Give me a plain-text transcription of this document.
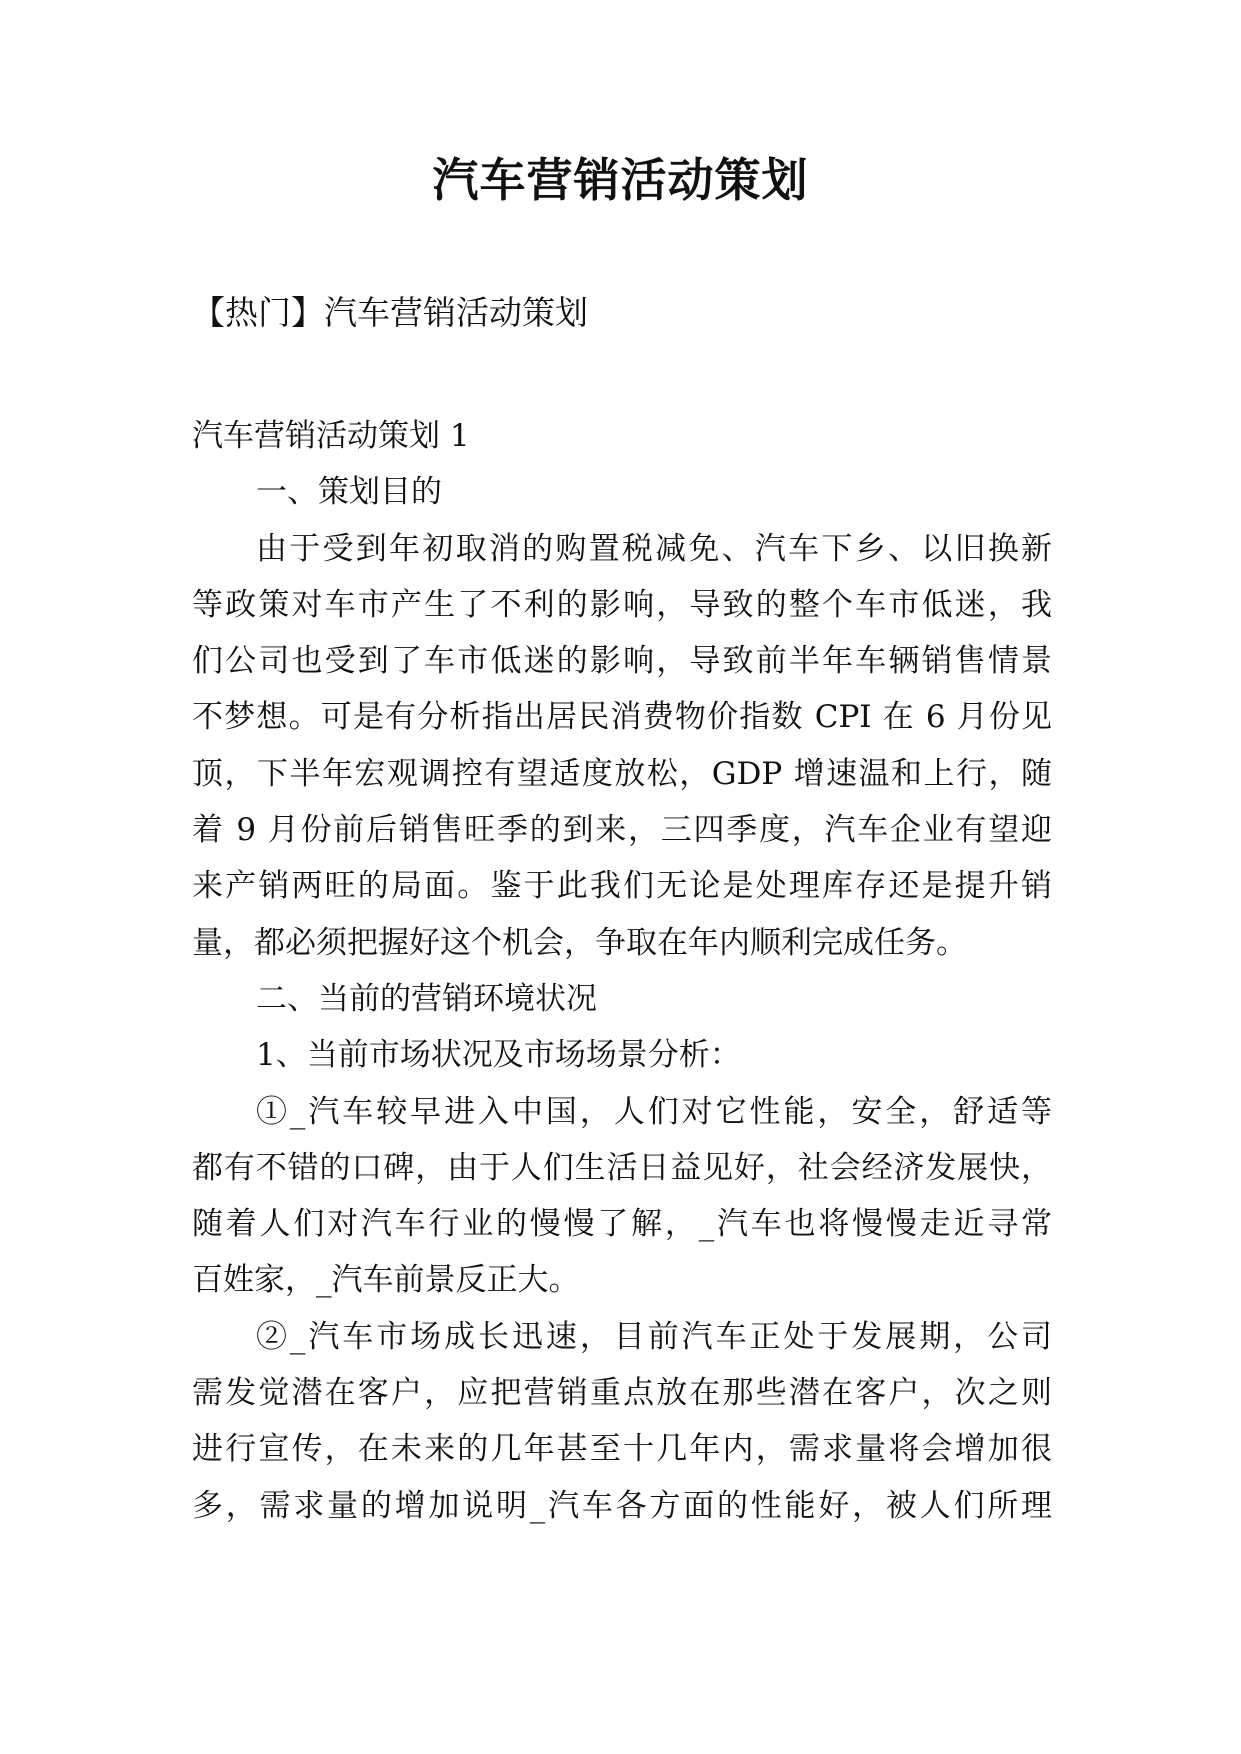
汽车营销活动策划
【热门】汽车营销活动策划

汽车营销活动策划 1

一、策划目的

由于受到年初取消的购置税减免、汽车下乡、以旧换新
等政策对车市产生了不利的影响，导致的整个车市低迷，我
们公司也受到了车市低迷的影响，导致前半年车辆销售情景
不梦想。可是有分析指出居民消费物价指数 CPI 在 6 月份见
顶，下半年宏观调控有望适度放松，GDP 增速温和上行，随
着 9 月份前后销售旺季的到来，三四季度，汽车企业有望迎
来产销两旺的局面。鉴于此我们无论是处理库存还是提升销
量，都必须把握好这个机会，争取在年内顺利完成任务。

二、当前的营销环境状况

1、当前市场状况及市场场景分析：

①_汽车较早进入中国，人们对它性能，安全，舒适等
都有不错的口碑，由于人们生活日益见好，社会经济发展快，
随着人们对汽车行业的慢慢了解，_汽车也将慢慢走近寻常
百姓家，_汽车前景反正大。
②_汽车市场成长迅速，目前汽车正处于发展期，公司
需发觉潜在客户，应把营销重点放在那些潜在客户，次之则
进行宣传，在未来的几年甚至十几年内，需求量将会增加很
多，需求量的增加说明_汽车各方面的性能好，被人们所理
